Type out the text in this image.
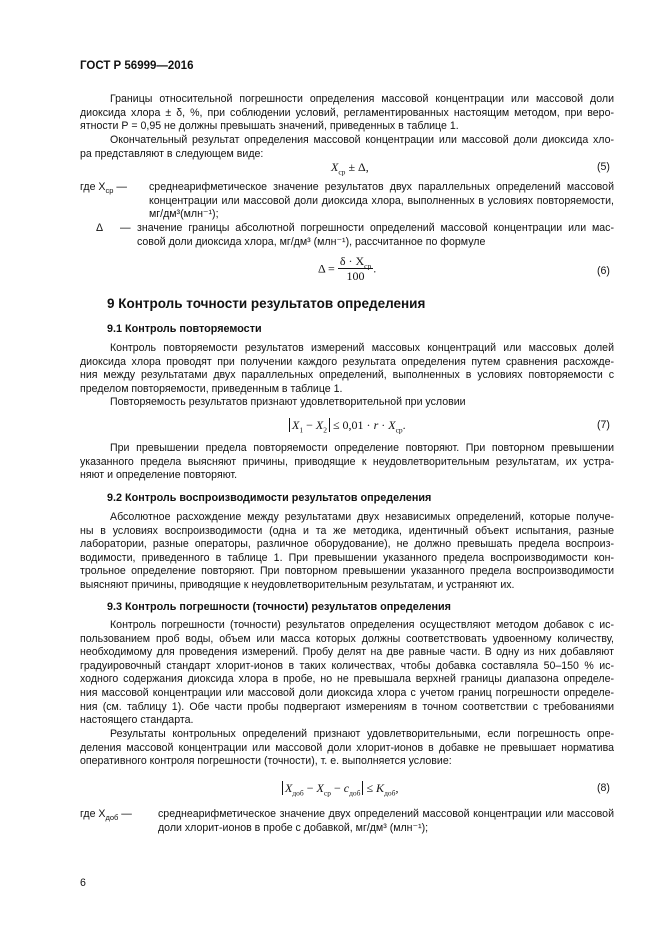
ГОСТ Р 56999—2016
Границы относительной погрешности определения массовой концентрации или массовой доли
диоксида хлора ± δ, %, при соблюдении условий, регламентированных настоящим методом, при веро-
ятности Р = 0,95 не должны превышать значений, приведенных в таблице 1.
Окончательный результат определения массовой концентрации или массовой доли диоксида хло-
ра представляют в следующем виде:
$X_{ср} \pm \Delta$,	(5)
где $X_{ср}$ — среднеарифметическое значение результатов двух параллельных определений массовой
концентрации или массовой доли диоксида хлора, выполненных в условиях повторяемости,
мг/дм³(млн⁻¹);
Δ — значение границы абсолютной погрешности определений массовой концентрации или мас-
совой доли диоксида хлора, мг/дм³ (млн⁻¹), рассчитанное по формуле
$\Delta = \frac{\delta \cdot X_{ср}}{100}$ .	(6)
9 Контроль точности результатов определения
9.1 Контроль повторяемости
Контроль повторяемости результатов измерений массовых концентраций или массовых долей
диоксида хлора проводят при получении каждого результата определения путем сравнения расхожде-
ния между результатами двух параллельных определений, выполненных в условиях повторяемости с
пределом повторяемости, приведенным в таблице 1.
Повторяемость результатов признают удовлетворительной при условии
$X_1 - X_2 \le 0,01 \cdot r \cdot X_{ср}$.	(7)
При превышении предела повторяемости определение повторяют. При повторном превышении
указанного предела выясняют причины, приводящие к неудовлетворительным результатам, их устра-
няют и определение повторяют.
9.2 Контроль воспроизводимости результатов определения
Абсолютное расхождение между результатами двух независимых определений, которые получе-
ны в условиях воспроизводимости (одна и та же методика, идентичный объект испытания, разные
лаборатории, разные операторы, различное оборудование), не должно превышать предела воспроиз-
водимости, приведенного в таблице 1. При превышении указанного предела воспроизводимости кон-
трольное определение повторяют. При повторном превышении указанного предела воспроизводимости
выясняют причины, приводящие к неудовлетворительным результатам, и устраняют их.
9.3 Контроль погрешности (точности) результатов определения
Контроль погрешности (точности) результатов определения осуществляют методом добавок с ис-
пользованием проб воды, объем или масса которых должны соответствовать удвоенному количеству,
необходимому для проведения измерений. Пробу делят на две равные части. В одну из них добавляют
градуировочный стандарт хлорит-ионов в таких количествах, чтобы добавка составляла 50–150 % ис-
ходного содержания диоксида хлора в пробе, но не превышала верхней границы диапазона определе-
ния массовой концентрации или массовой доли диоксида хлора с учетом границ погрешности определе-
ния (см. таблицу 1). Обе части пробы подвергают измерениям в точном соответствии с требованиями
настоящего стандарта.
Результаты контрольных определений признают удовлетворительными, если погрешность опре-
деления массовой концентрации или массовой доли хлорит-ионов в добавке не превышает норматива
оперативного контроля погрешности (точности), т. е. выполняется условие:
$X_{доб} - X_{ср} - c_{доб} \le K_{доб}$,	(8)
где $X_{доб}$ — среднеарифметическое значение двух определений массовой концентрации или массовой
доли хлорит-ионов в пробе с добавкой, мг/дм³ (млн⁻¹);
6
